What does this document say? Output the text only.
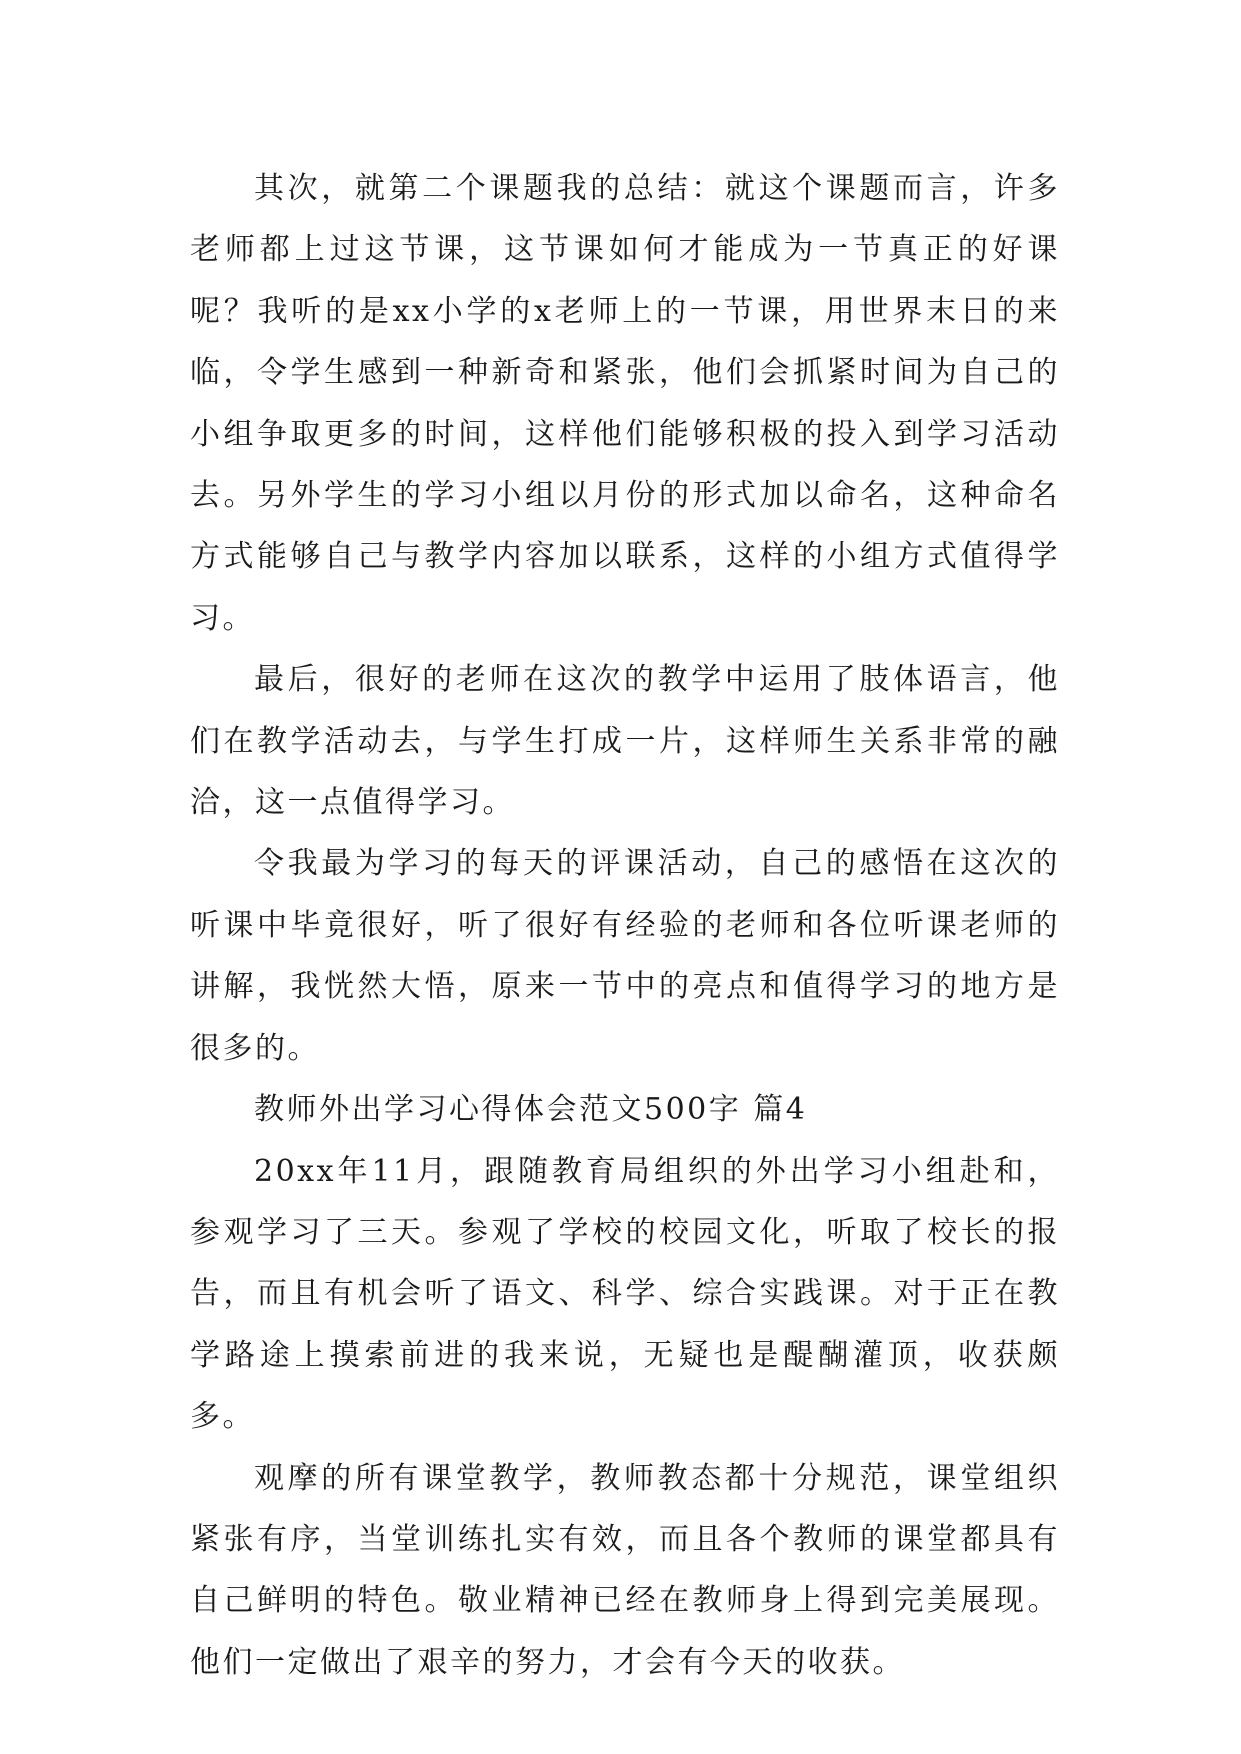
其次，就第二个课题我的总结：就这个课题而言，许多老师都上过这节课，这节课如何才能成为一节真正的好课呢？我听的是xx小学的x老师上的一节课，用世界末日的来临，令学生感到一种新奇和紧张，他们会抓紧时间为自己的小组争取更多的时间，这样他们能够积极的投入到学习活动去。另外学生的学习小组以月份的形式加以命名，这种命名方式能够自己与教学内容加以联系，这样的小组方式值得学习。

最后，很好的老师在这次的教学中运用了肢体语言，他们在教学活动去，与学生打成一片，这样师生关系非常的融洽，这一点值得学习。

令我最为学习的每天的评课活动，自己的感悟在这次的听课中毕竟很好，听了很好有经验的老师和各位听课老师的讲解，我恍然大悟，原来一节中的亮点和值得学习的地方是很多的。

教师外出学习心得体会范文500字 篇4

20xx年11月，跟随教育局组织的外出学习小组赴和，参观学习了三天。参观了学校的校园文化，听取了校长的报告，而且有机会听了语文、科学、综合实践课。对于正在教学路途上摸索前进的我来说，无疑也是醍醐灌顶，收获颇多。

观摩的所有课堂教学，教师教态都十分规范，课堂组织紧张有序，当堂训练扎实有效，而且各个教师的课堂都具有自己鲜明的特色。敬业精神已经在教师身上得到完美展现。他们一定做出了艰辛的努力，才会有今天的收获。
